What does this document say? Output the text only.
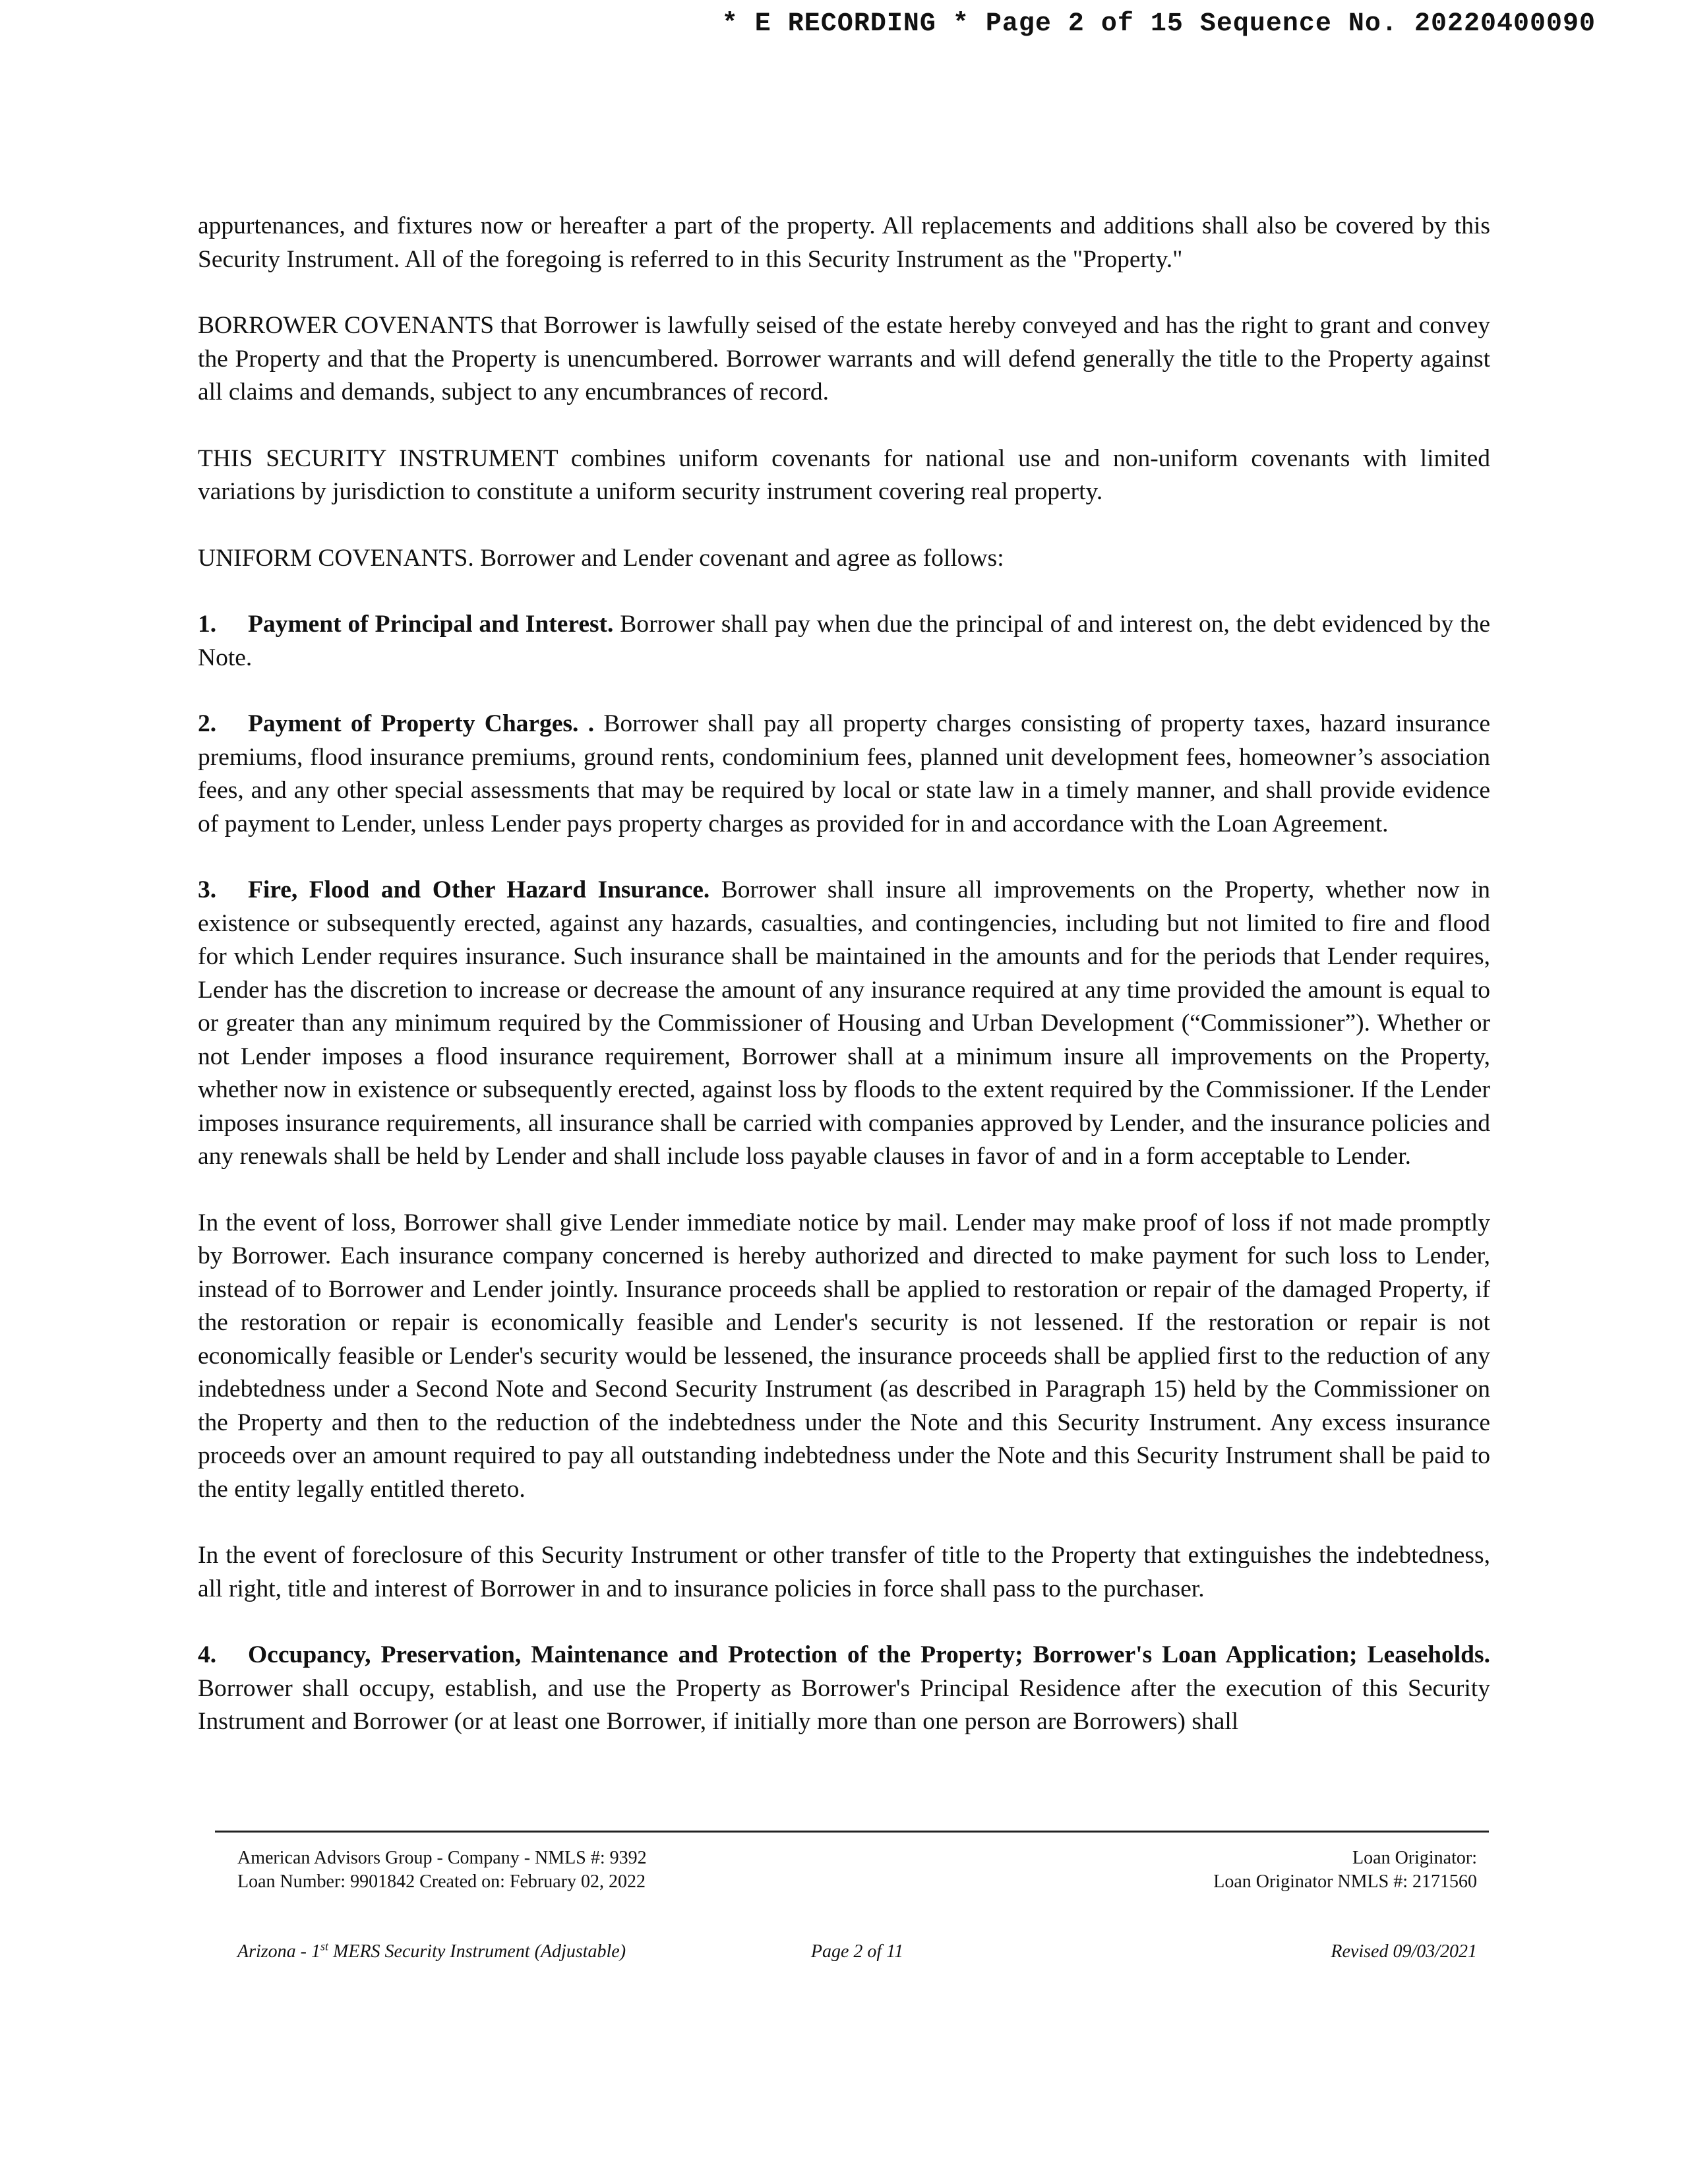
* E RECORDING * Page 2 of 15 Sequence No. 20220400090

appurtenances, and fixtures now or hereafter a part of the property. All replacements and additions shall also be covered by this Security Instrument. All of the foregoing is referred to in this Security Instrument as the "Property."

BORROWER COVENANTS that Borrower is lawfully seised of the estate hereby conveyed and has the right to grant and convey the Property and that the Property is unencumbered. Borrower warrants and will defend generally the title to the Property against all claims and demands, subject to any encumbrances of record.

THIS SECURITY INSTRUMENT combines uniform covenants for national use and non-uniform covenants with limited variations by jurisdiction to constitute a uniform security instrument covering real property.

UNIFORM COVENANTS. Borrower and Lender covenant and agree as follows:

1. Payment of Principal and Interest. Borrower shall pay when due the principal of and interest on, the debt evidenced by the Note.

2. Payment of Property Charges. . Borrower shall pay all property charges consisting of property taxes, hazard insurance premiums, flood insurance premiums, ground rents, condominium fees, planned unit development fees, homeowner’s association fees, and any other special assessments that may be required by local or state law in a timely manner, and shall provide evidence of payment to Lender, unless Lender pays property charges as provided for in and accordance with the Loan Agreement.

3. Fire, Flood and Other Hazard Insurance. Borrower shall insure all improvements on the Property, whether now in existence or subsequently erected, against any hazards, casualties, and contingencies, including but not limited to fire and flood for which Lender requires insurance. Such insurance shall be maintained in the amounts and for the periods that Lender requires, Lender has the discretion to increase or decrease the amount of any insurance required at any time provided the amount is equal to or greater than any minimum required by the Commissioner of Housing and Urban Development (“Commissioner”). Whether or not Lender imposes a flood insurance requirement, Borrower shall at a minimum insure all improvements on the Property, whether now in existence or subsequently erected, against loss by floods to the extent required by the Commissioner. If the Lender imposes insurance requirements, all insurance shall be carried with companies approved by Lender, and the insurance policies and any renewals shall be held by Lender and shall include loss payable clauses in favor of and in a form acceptable to Lender.

In the event of loss, Borrower shall give Lender immediate notice by mail. Lender may make proof of loss if not made promptly by Borrower. Each insurance company concerned is hereby authorized and directed to make payment for such loss to Lender, instead of to Borrower and Lender jointly. Insurance proceeds shall be applied to restoration or repair of the damaged Property, if the restoration or repair is economically feasible and Lender's security is not lessened. If the restoration or repair is not economically feasible or Lender's security would be lessened, the insurance proceeds shall be applied first to the reduction of any indebtedness under a Second Note and Second Security Instrument (as described in Paragraph 15) held by the Commissioner on the Property and then to the reduction of the indebtedness under the Note and this Security Instrument. Any excess insurance proceeds over an amount required to pay all outstanding indebtedness under the Note and this Security Instrument shall be paid to the entity legally entitled thereto.

In the event of foreclosure of this Security Instrument or other transfer of title to the Property that extinguishes the indebtedness, all right, title and interest of Borrower in and to insurance policies in force shall pass to the purchaser.

4. Occupancy, Preservation, Maintenance and Protection of the Property; Borrower's Loan Application; Leaseholds. Borrower shall occupy, establish, and use the Property as Borrower's Principal Residence after the execution of this Security Instrument and Borrower (or at least one Borrower, if initially more than one person are Borrowers) shall

American Advisors Group - Company - NMLS #: 9392
Loan Number: 9901842 Created on: February 02, 2022
Loan Originator:
Loan Originator NMLS #: 2171560
Arizona - 1st MERS Security Instrument (Adjustable)	Page 2 of 11	Revised 09/03/2021
